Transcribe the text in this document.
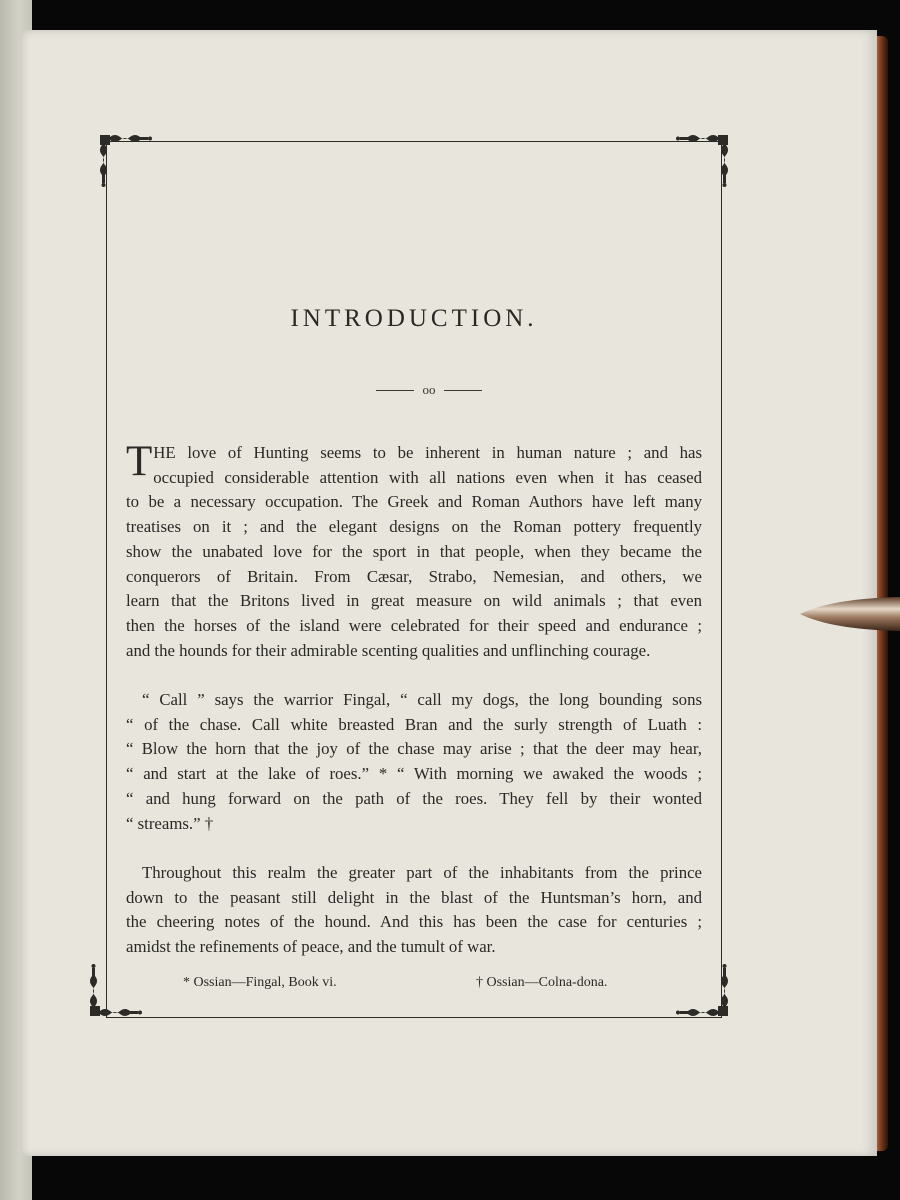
INTRODUCTION.
oo
T HE love of Hunting seems to be inherent in human nature ; and has
occupied considerable attention with all nations even when it has ceased
to be a necessary occupation. The Greek and Roman Authors have left many
treatises on it ; and the elegant designs on the Roman pottery frequently
show the unabated love for the sport in that people, when they became the
conquerors of Britain. From Cæsar, Strabo, Nemesian, and others, we
learn that the Britons lived in great measure on wild animals ; that even
then the horses of the island were celebrated for their speed and endurance ;
and the hounds for their admirable scenting qualities and unflinching courage.
“ Call ” says the warrior Fingal, “ call my dogs, the long bounding sons
“ of the chase. Call white breasted Bran and the surly strength of Luath :
“ Blow the horn that the joy of the chase may arise ; that the deer may hear,
“ and start at the lake of roes.” * “ With morning we awaked the woods ;
“ and hung forward on the path of the roes. They fell by their wonted
“ streams.” †
Throughout this realm the greater part of the inhabitants from the prince
down to the peasant still delight in the blast of the Huntsman’s horn, and
the cheering notes of the hound. And this has been the case for centuries ;
amidst the refinements of peace, and the tumult of war.
* Ossian—Fingal, Book vi.	† Ossian—Colna-dona.
